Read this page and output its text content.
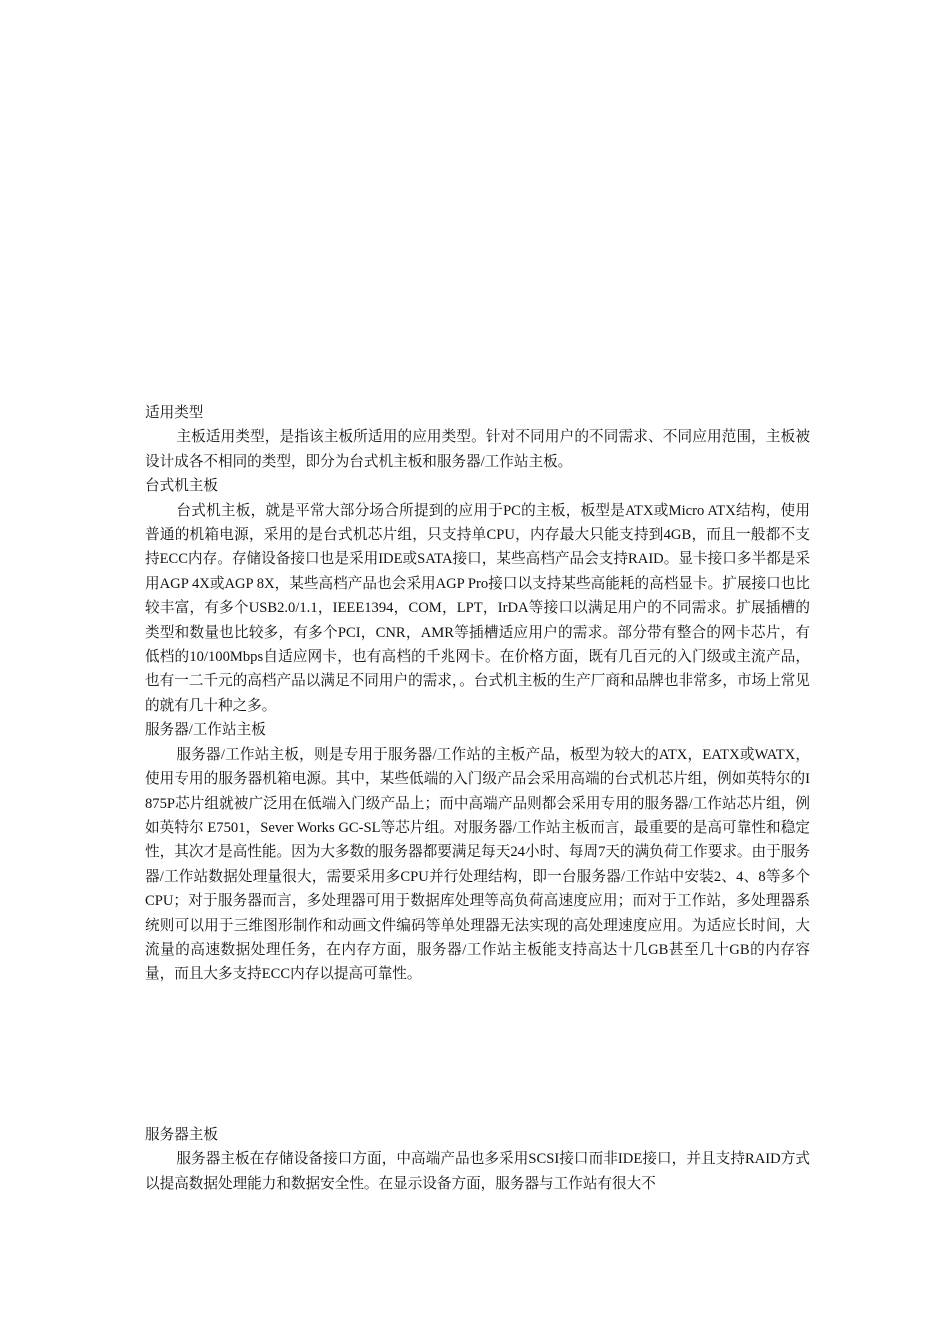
适用类型

主板适用类型，是指该主板所适用的应用类型。针对不同用户的不同需求、不同应用范围，主板被设计成各不相同的类型，即分为台式机主板和服务器/工作站主板。

台式机主板

台式机主板，就是平常大部分场合所提到的应用于PC的主板，板型是ATX或Micro ATX结构，使用普通的机箱电源，采用的是台式机芯片组，只支持单CPU，内存最大只能支持到4GB，而且一般都不支持ECC内存。存储设备接口也是采用IDE或SATA接口，某些高档产品会支持RAID。显卡接口多半都是采用AGP 4X或AGP 8X，某些高档产品也会采用AGP Pro接口以支持某些高能耗的高档显卡。扩展接口也比较丰富，有多个USB2.0/1.1，IEEE1394，COM，LPT，IrDA等接口以满足用户的不同需求。扩展插槽的类型和数量也比较多，有多个PCI，CNR，AMR等插槽适应用户的需求。部分带有整合的网卡芯片，有低档的10/100Mbps自适应网卡，也有高档的千兆网卡。在价格方面，既有几百元的入门级或主流产品，也有一二千元的高档产品以满足不同用户的需求，。台式机主板的生产厂商和品牌也非常多，市场上常见的就有几十种之多。

服务器/工作站主板

服务器/工作站主板，则是专用于服务器/工作站的主板产品，板型为较大的ATX，EATX或WATX，使用专用的服务器机箱电源。其中，某些低端的入门级产品会采用高端的台式机芯片组，例如英特尔的I875P芯片组就被广泛用在低端入门级产品上；而中高端产品则都会采用专用的服务器/工作站芯片组，例如英特尔 E7501，Sever Works GC-SL等芯片组。对服务器/工作站主板而言，最重要的是高可靠性和稳定性，其次才是高性能。因为大多数的服务器都要满足每天24小时、每周7天的满负荷工作要求。由于服务器/工作站数据处理量很大，需要采用多CPU并行处理结构，即一台服务器/工作站中安装2、4、8等多个CPU；对于服务器而言，多处理器可用于数据库处理等高负荷高速度应用；而对于工作站，多处理器系统则可以用于三维图形制作和动画文件编码等单处理器无法实现的高处理速度应用。为适应长时间，大流量的高速数据处理任务，在内存方面，服务器/工作站主板能支持高达十几GB甚至几十GB的内存容量，而且大多支持ECC内存以提高可靠性。

服务器主板

服务器主板在存储设备接口方面，中高端产品也多采用SCSI接口而非IDE接口，并且支持RAID方式以提高数据处理能力和数据安全性。在显示设备方面，服务器与工作站有很大不
